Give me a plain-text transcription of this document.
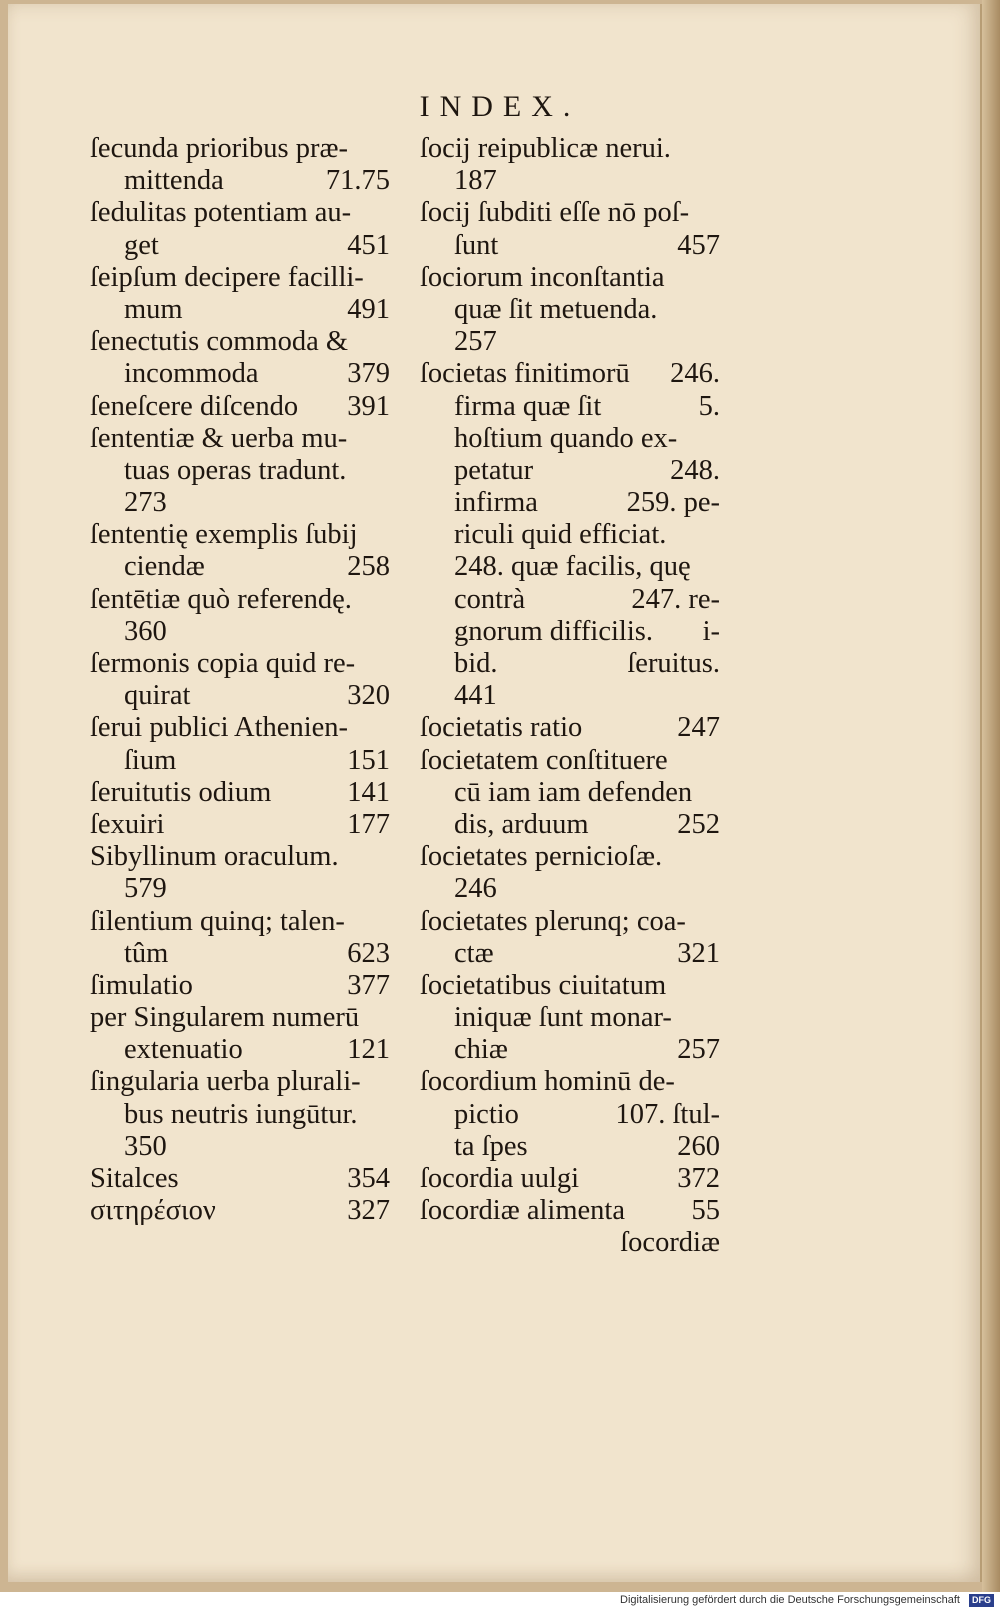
INDEX.
ſecunda prioribus præ-
mittenda	71.75
ſedulitas potentiam au-
get	451
ſeipſum decipere facilli-
mum	491
ſenectutis commoda &
incommoda	379
ſeneſcere diſcendo 391
ſententiæ & uerba mu-
tuas operas tradunt.
273
ſententię exemplis ſubij
ciendæ	258
ſentētiæ quò referendę.
360
ſermonis copia quid re-
quirat	320
ſerui publici Athenien-
ſium	151
ſeruitutis odium	141
ſexuiri	177
Sibyllinum oraculum.
579
ſilentium quinq; talen-
tûm	623
ſimulatio	377
per Singularem numerū
extenuatio	121
ſingularia uerba plurali-
bus neutris iungūtur.
350
Sitalces	354
σιτηρέσιον	327
ſocij reipublicæ nerui.
187
ſocij ſubditi eſſe nō poſ-
ſunt	457
ſociorum inconſtantia
quæ ſit metuenda.
257
ſocietas finitimorū 246.
firma quæ ſit	5.
hoſtium quando ex-
petatur	248.
infirma	259. pe-
riculi quid efficiat.
248. quæ facilis, quę
contrà	247. re-
gnorum difficilis. i-
bid.	ſeruitus.
441
ſocietatis ratio	247
ſocietatem conſtituere
cū iam iam defenden
dis, arduum	252
ſocietates pernicioſæ.
246
ſocietates plerunq; coa-
ctæ	321
ſocietatibus ciuitatum
iniquæ ſunt monar-
chiæ	257
ſocordium hominū de-
pictio	107. ſtul-
ta ſpes	260
ſocordia uulgi	372
ſocordiæ alimenta 55
ſocordiæ
Digitalisierung gefördert durch die Deutsche Forschungsgemeinschaft	DFG
